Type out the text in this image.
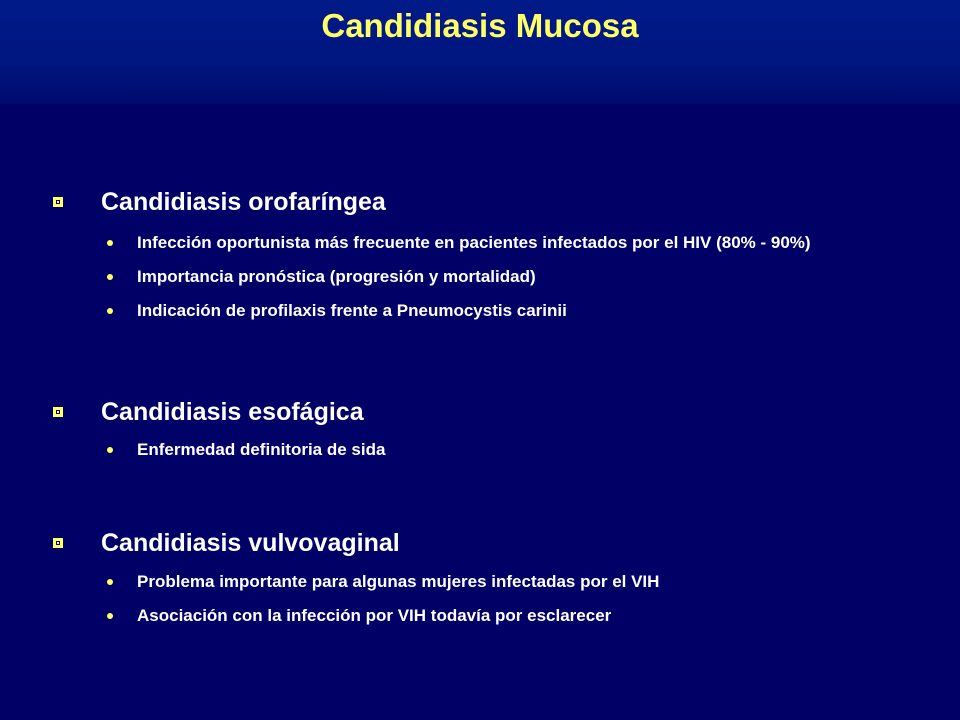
Candidiasis Mucosa
Candidiasis orofaríngea
Infección oportunista más frecuente en pacientes infectados por el HIV (80% - 90%)
Importancia pronóstica (progresión y mortalidad)
Indicación de profilaxis frente a Pneumocystis carinii
Candidiasis esofágica
Enfermedad definitoria de sida
Candidiasis vulvovaginal
Problema importante para algunas mujeres infectadas por el VIH
Asociación con la infección por VIH todavía por esclarecer
